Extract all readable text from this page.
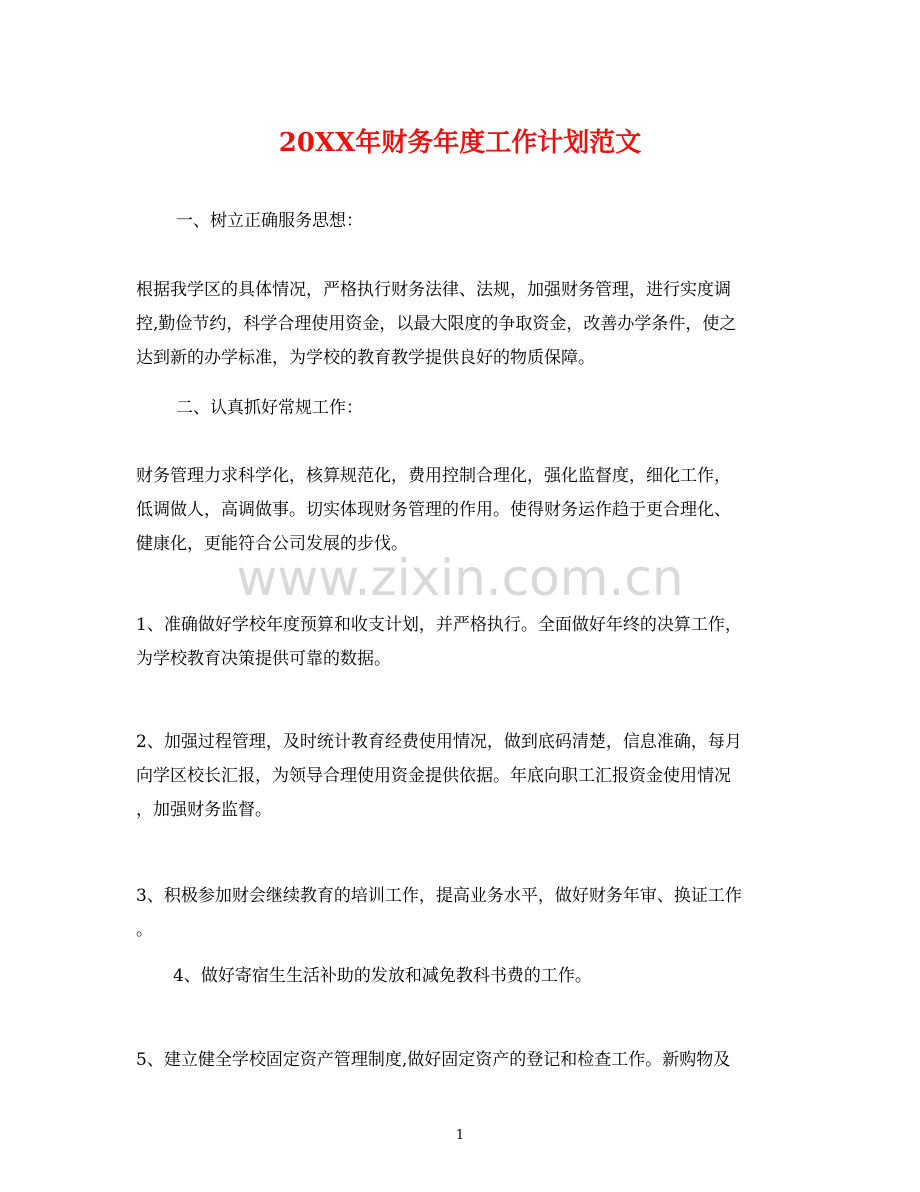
20XX年财务年度工作计划范文
一、树立正确服务思想：
根据我学区的具体情况，严格执行财务法律、法规，加强财务管理，进行实度调
控,勤俭节约，科学合理使用资金，以最大限度的争取资金，改善办学条件，使之
达到新的办学标准，为学校的教育教学提供良好的物质保障。
二、认真抓好常规工作：
财务管理力求科学化，核算规范化，费用控制合理化，强化监督度，细化工作，
低调做人，高调做事。切实体现财务管理的作用。使得财务运作趋于更合理化、
健康化，更能符合公司发展的步伐。
www.zixin.com.cn
1、准确做好学校年度预算和收支计划，并严格执行。全面做好年终的决算工作，
为学校教育决策提供可靠的数据。
2、加强过程管理，及时统计教育经费使用情况，做到底码清楚，信息准确，每月
向学区校长汇报，为领导合理使用资金提供依据。年底向职工汇报资金使用情况
，加强财务监督。
3、积极参加财会继续教育的培训工作，提高业务水平，做好财务年审、换证工作
。
4、做好寄宿生生活补助的发放和减免教科书费的工作。
5、建立健全学校固定资产管理制度,做好固定资产的登记和检查工作。新购物及
1
